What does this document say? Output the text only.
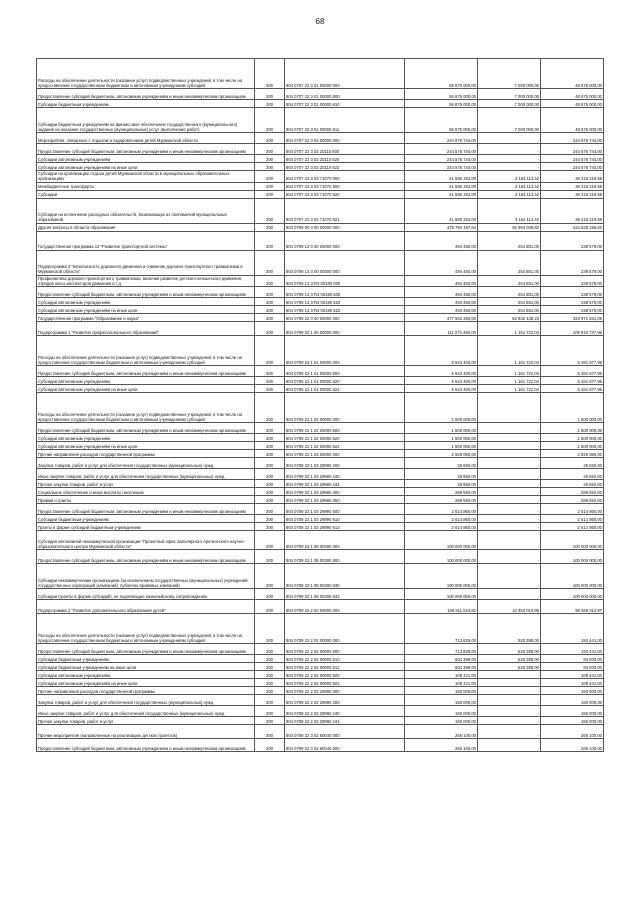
68
Расходы на обеспечение деятельности (оказание услуг) подведомственных учреждений, в том числе на предоставление государственным бюджетным и автономным учреждениям субсидий	200	804 0707 22 3 01 00000 000	55 675 000,00	7 000 000,00	48 675 000,00
Предоставление субсидий бюджетным, автономным учреждениям и иным некоммерческим организациям	200	804 0707 22 3 01 00000 600	55 675 000,00	7 000 000,00	48 675 000,00
Субсидии бюджетным учреждениям	200	804 0707 22 3 01 00000 610	55 675 000,00	7 000 000,00	48 675 000,00
Субсидии бюджетным учреждениям на финансовое обеспечение государственного (муниципального) задания на оказание государственных (муниципальных) услуг (выполнение работ)	200	804 0707 22 3 01 00000 611	55 675 000,00	7 000 000,00	48 675 000,00
Мероприятия, связанные с отдыхом и оздоровлением детей Мурманской области	200	804 0707 22 3 03 00000 000	244 576 744,00	-	244 576 744,00
Предоставление субсидий бюджетным, автономным учреждениям и иным некоммерческим организациям	200	804 0707 22 3 03 20110 600	244 576 744,00	-	244 576 744,00
Субсидии автономным учреждениям	200	804 0707 22 3 03 20110 620	244 576 744,00	-	244 576 744,00
Субсидии автономным учреждениям на иные цели	200	804 0707 22 3 03 20110 622	244 576 744,00	-	244 576 744,00
Субсидии на организацию отдыха детей Мурманской области в муниципальных образовательных организациях	200	804 0707 22 3 03 71070 000	41 580 334,00	3 164 114,42	38 416 219,58
Межбюджетные трансферты	200	804 0707 22 3 03 71070 500	41 580 334,00	3 164 114,42	38 416 219,58
Субсидии	200	804 0707 22 3 03 71070 520	41 580 334,00	3 164 114,42	38 416 219,58
Субсидии на исполнение расходных обязательств, возникающих из полномочий муниципальных образований	200	804 0707 22 3 03 71070 521	41 580 334,00	3 164 114,42	38 416 219,58
Другие вопросы в области образования	200	804 0709 00 0 00 00000 000	479 794 197,64	55 994 038,82	424 829 158,82
Государственная программа 13 "Развитие транспортной системы"	200	804 0709 13 0 00 00000 000	494 460,00	254 881,00	239 579,00
Подпрограмма 3 "Безопасность дорожного движения и снижение дорожно-транспортного травматизма в Мурманской области"	200	804 0709 13 3 00 00000 000	494 460,00	254 881,00	239 579,00
Профилактика дорожно-транспортного травматизма, включая развитие детского-юношеского движения, отрядов юных инспекторов движения и т.д.	200	804 0709 13 3 R3 00180 000	494 460,00	254 881,00	239 579,00
Предоставление субсидий бюджетным, автономным учреждениям и иным некоммерческим организациям	200	804 0709 13 3 R3 00180 600	494 460,00	254 881,00	239 579,00
Субсидии автономным учреждениям	200	804 0709 13 3 R3 00180 620	494 460,00	254 881,00	239 579,00
Субсидии автономным учреждениям на иные цели	200	804 0709 13 3 R3 00180 622	494 460,00	254 881,00	239 579,00
Государственная программа "Образование и наука"	200	804 0709 22 0 00 00000 000	477 592 260,00	53 932 438,22	423 971 631,09
Подпрограмма 1 "Развитие профессионального образования"	200	804 0709 22 1 00 00000 000	111 072 460,00	1 161 722,04	109 910 737,96
Расходы на обеспечение деятельности (оказание услуг) подведомственных учреждений, в том числе на предоставление государственным бюджетным и автономным учреждениям субсидий	200	804 0709 22 1 01 00000 000	6 643 400,00	1 161 722,04	5 481 677,96
Предоставление субсидий бюджетным, автономным учреждениям и иным некоммерческим организациям	200	804 0709 22 1 01 00000 600	6 643 400,00	1 161 722,04	5 481 677,96
Субсидии автономным учреждениям	200	804 0709 22 1 01 00000 620	6 643 400,00	1 161 722,04	5 481 677,96
Субсидии автономным учреждениям на иные цели	200	804 0709 22 1 01 00000 622	6 643 400,00	1 161 722,04	5 481 677,96
Расходы на обеспечение деятельности (оказание услуг) подведомственных учреждений, в том числе на предоставление государственным бюджетным и автономным учреждениям субсидий	200	804 0709 22 1 02 00000 000	1 500 000,00	-	1 500 000,00
Предоставление субсидий бюджетным, автономным учреждениям и иным некоммерческим организациям	200	804 0709 22 1 02 00000 600	1 500 000,00	-	1 500 000,00
Субсидии автономным учреждениям	200	804 0709 22 1 02 00000 620	1 500 000,00	-	1 500 000,00
Субсидии автономным учреждениям на иные цели	200	804 0709 22 1 02 00000 622	1 500 000,00	-	1 500 000,00
Прочие направления расходов государственной программы	200	804 0709 22 1 03 00000 000	2 929 060,00	-	2 929 060,00
Закупка товаров, работ и услуг для обеспечения государственных (муниципальных) нужд	200	804 0709 22 1 03 29990 200	25 650,00	-	25 650,00
Иные закупки товаров, работ и услуг для обеспечения государственных (муниципальных) нужд	200	804 0709 22 1 03 29990 240	25 650,00	-	25 650,00
Прочая закупка товаров, работ и услуг	200	804 0709 22 1 03 29990 244	25 650,00	-	25 650,00
Социальное обеспечение и иные выплаты населению	200	804 0709 22 1 03 29990 300	288 550,00	-	288 550,00
Премии и гранты	200	804 0709 22 1 03 29990 350	288 550,00	-	288 550,00
Предоставление субсидий бюджетным, автономным учреждениям и иным некоммерческим организациям	200	804 0709 22 1 03 29990 600	2 614 860,00	-	2 614 860,00
Субсидии бюджетным учреждениям	200	804 0709 22 1 03 29990 610	2 614 860,00	-	2 614 860,00
Гранты в форме субсидий бюджетным учреждениям	200	804 0709 22 1 03 29990 613	2 614 860,00	-	2 614 860,00
Субсидия автономной некоммерческой организации "Проектный офис Заполярного Арктического научно-образовательного центра Мурманской области"	200	804 0709 22 1 08 00280 000	100 000 000,00	-	100 000 000,00
Предоставление субсидий бюджетным, автономным учреждениям и иным некоммерческим организациям	200	804 0709 22 1 08 00280 600	100 000 000,00	-	100 000 000,00
Субсидии некоммерческим организациям (за исключением государственных (муниципальных) учреждений, государственных корпораций (компаний), публично-правовых компаний)	200	804 0709 22 1 08 00280 630	100 000 000,00	-	100 000 000,00
Субсидии (гранты в форме субсидий), не подлежащие казначейскому сопровождению	200	804 0709 22 1 08 00280 633	100 000 000,00	-	100 000 000,00
Подпрограмма 2 "Развитие дополнительного образования детей"	200	804 0709 22 2 00 00000 000	109 611 023,82	10 353 010,85	99 458 012,97
Расходы на обеспечение деятельности (оказание услуг) подведомственных учреждений, в том числе на предоставление государственным бюджетным и автономным учреждениям субсидий	200	804 0709 22 2 02 00000 000	713 829,00	520 388,00	193 441,00
Предоставление субсидий бюджетным, автономным учреждениям и иным некоммерческим организациям	200	804 0709 22 2 02 00000 600	713 829,00	520 388,00	193 441,00
Субсидии бюджетным учреждениям	200	804 0709 22 2 02 00000 610	604 388,00	520 388,00	84 000,00
Субсидии бюджетным учреждениям на иные цели	200	804 0709 22 2 02 00000 612	604 388,00	520 388,00	84 000,00
Субсидии автономным учреждениям	200	804 0709 22 2 02 00000 620	109 441,00	-	109 441,00
Субсидии автономным учреждениям на иные цели	200	804 0709 22 2 02 00000 622	109 441,00	-	109 441,00
Прочие направления расходов государственной программы	200	804 0709 22 2 02 29990 000	150 000,00	-	150 000,00
Закупка товаров, работ и услуг для обеспечения государственных (муниципальных) нужд	200	804 0709 22 2 02 29990 200	150 000,00	-	150 000,00
Иные закупки товаров, работ и услуг для обеспечения государственных (муниципальных) нужд	200	804 0709 22 2 02 29990 240	150 000,00	-	150 000,00
Прочая закупка товаров, работ и услуг	200	804 0709 22 2 02 29990 244	150 000,00	-	150 000,00
Прочие мероприятия (направленные на реализацию детских проектов)	200	804 0709 22 3 02 60040 000	265 100,00	-	265 100,00
Предоставление субсидий бюджетным, автономным учреждениям и иным некоммерческим организациям	200	804 0709 22 3 02 60040 600	265 100,00	-	265 100,00
